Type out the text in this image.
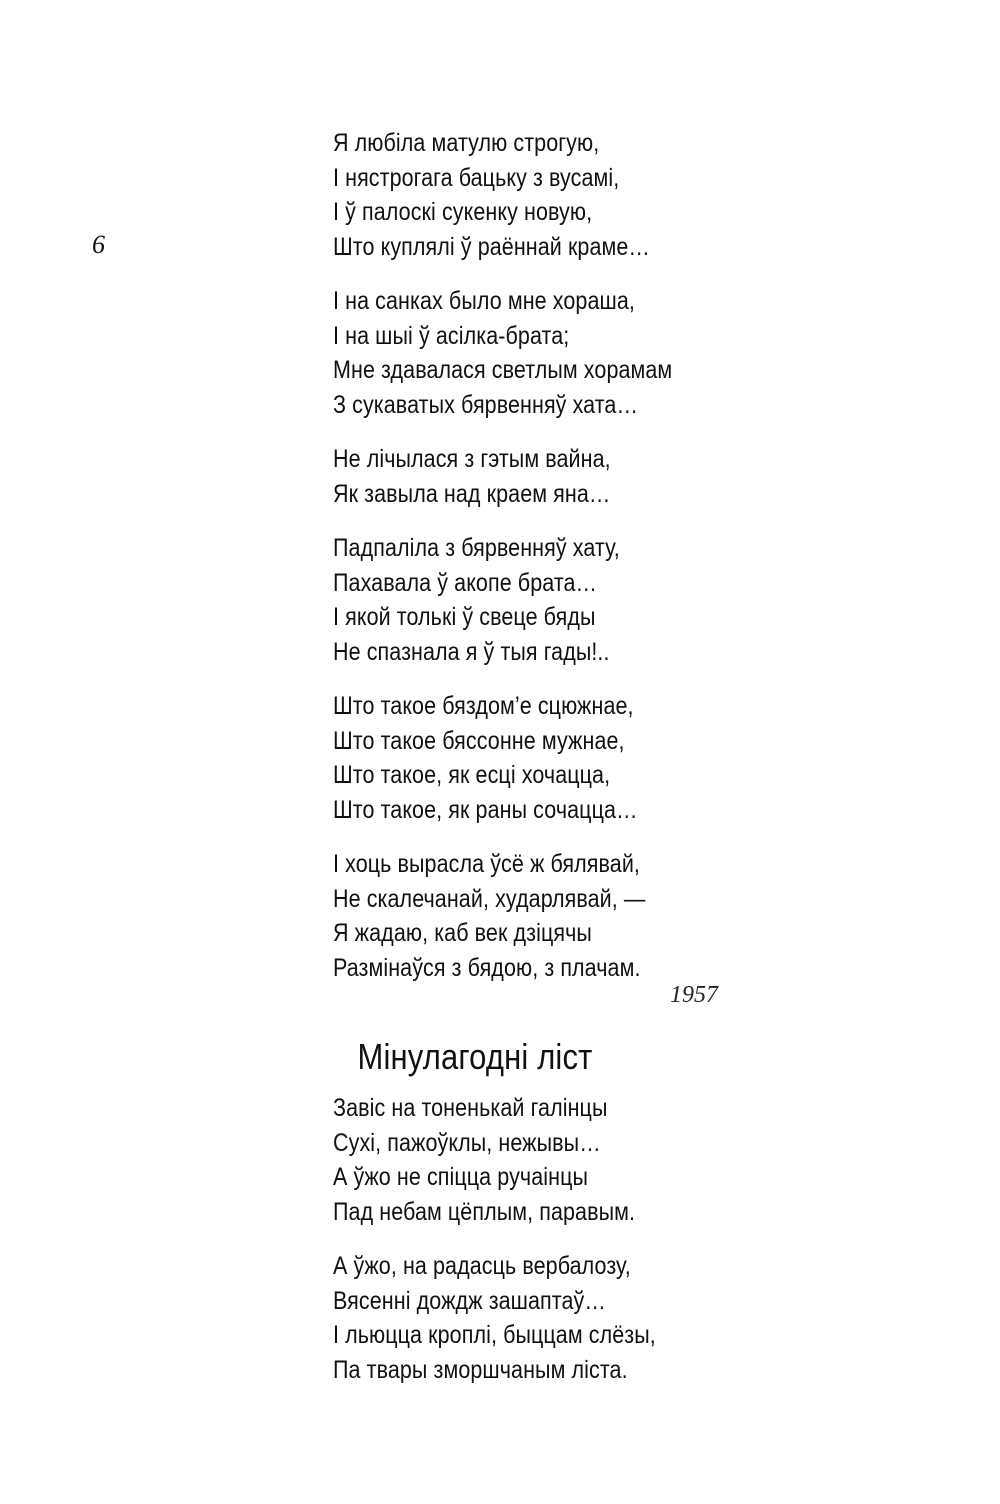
6
Я любіла матулю строгую,
І нястрогага бацьку з вусамі,
І ў палоскі сукенку новую,
Што куплялі ў раённай краме…
І на санках было мне хораша,
І на шыі ў асілка-брата;
Мне здавалася светлым хорамам
З сукаватых бярвенняў хата…
Не лічылася з гэтым вайна,
Як завыла над краем яна…
Падпаліла з бярвенняў хату,
Пахавала ў акопе брата…
І якой толькі ў свеце бяды
Не спазнала я ў тыя гады!..
Што такое бяздом’е сцюжнае,
Што такое бяссонне мужнае,
Што такое, як есці хочацца,
Што такое, як раны сочацца…
І хоць вырасла ўсё ж бялявай,
Не скалечанай, хударлявай, —
Я жадаю, каб век дзіцячы
Размінаўся з бядою, з плачам.
1957
Мінулагодні ліст
Завіс на тоненькай галінцы
Сухі, пажоўклы, нежывы…
А ўжо не спіцца ручаінцы
Пад небам цёплым, паравым.
А ўжо, на радасць вербалозу,
Вясенні дождж зашаптаў…
І льюцца кроплі, быццам слёзы,
Па твары зморшчаным ліста.
